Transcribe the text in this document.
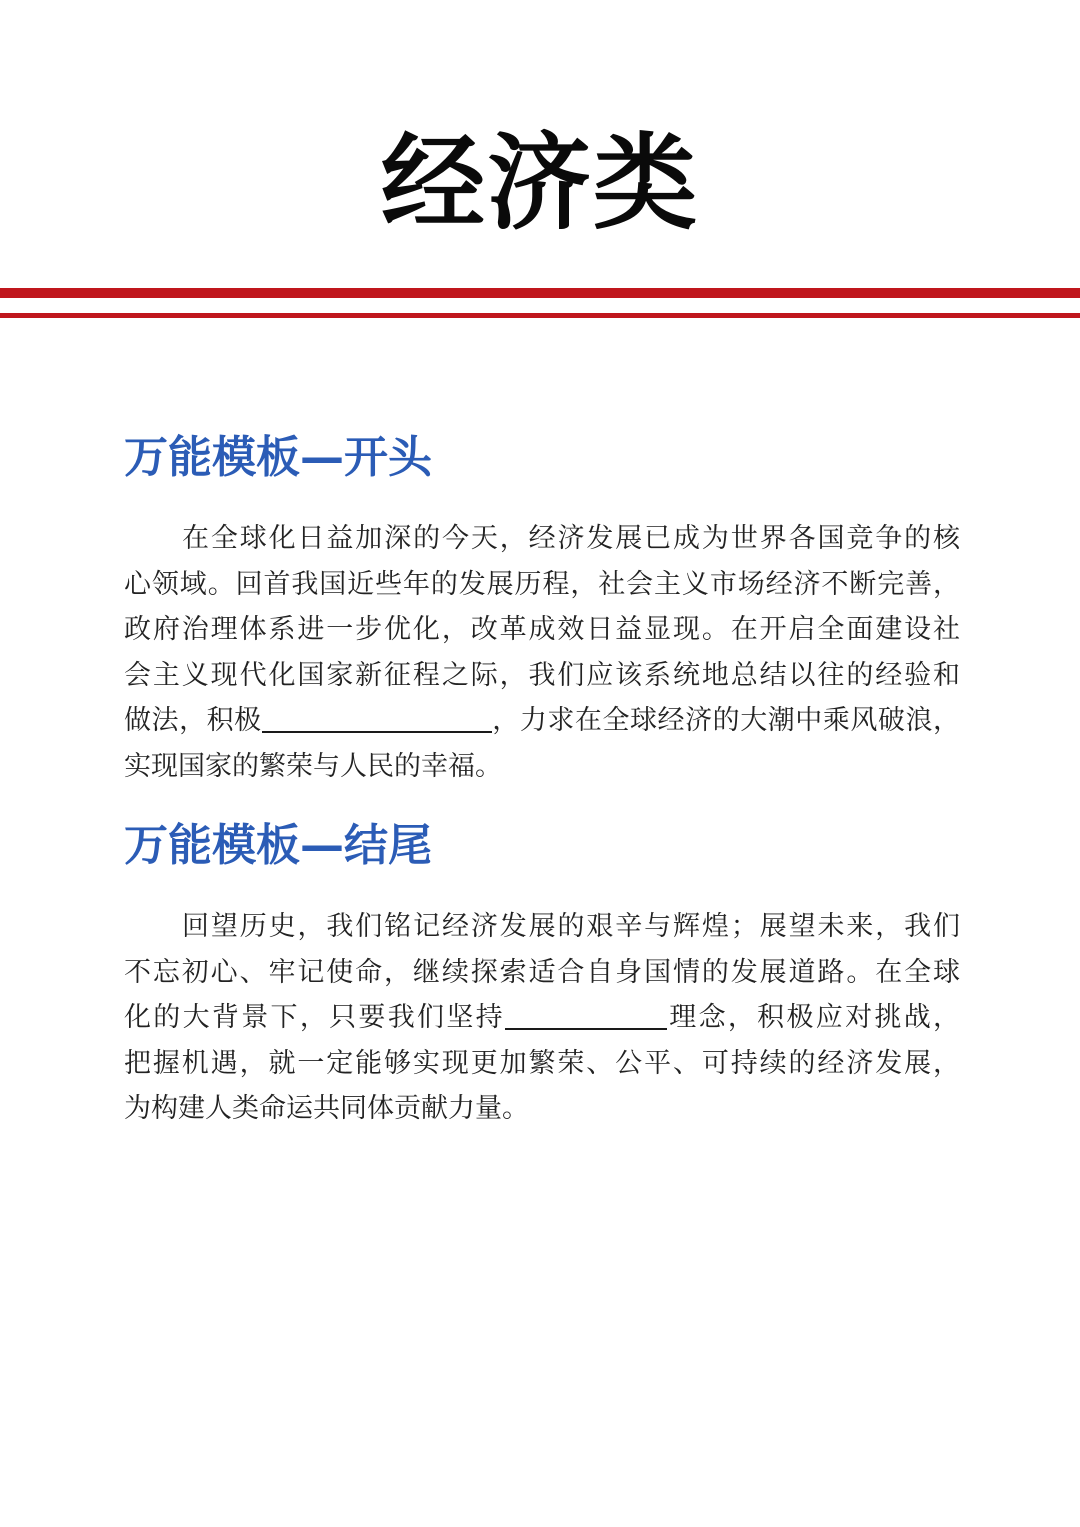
经济类
万能模板—开头
在全球化日益加深的今天，经济发展已成为世界各国竞争的核
心领域。回首我国近些年的发展历程，社会主义市场经济不断完善，
政府治理体系进一步优化，改革成效日益显现。在开启全面建设社
会主义现代化国家新征程之际，我们应该系统地总结以往的经验和
做法，积极	，力求在全球经济的大潮中乘风破浪，
实现国家的繁荣与人民的幸福。
万能模板—结尾
回望历史，我们铭记经济发展的艰辛与辉煌；展望未来，我们
不忘初心、牢记使命，继续探索适合自身国情的发展道路。在全球
化的大背景下，只要我们坚持	理念，积极应对挑战，
把握机遇，就一定能够实现更加繁荣、公平、可持续的经济发展，
为构建人类命运共同体贡献力量。
